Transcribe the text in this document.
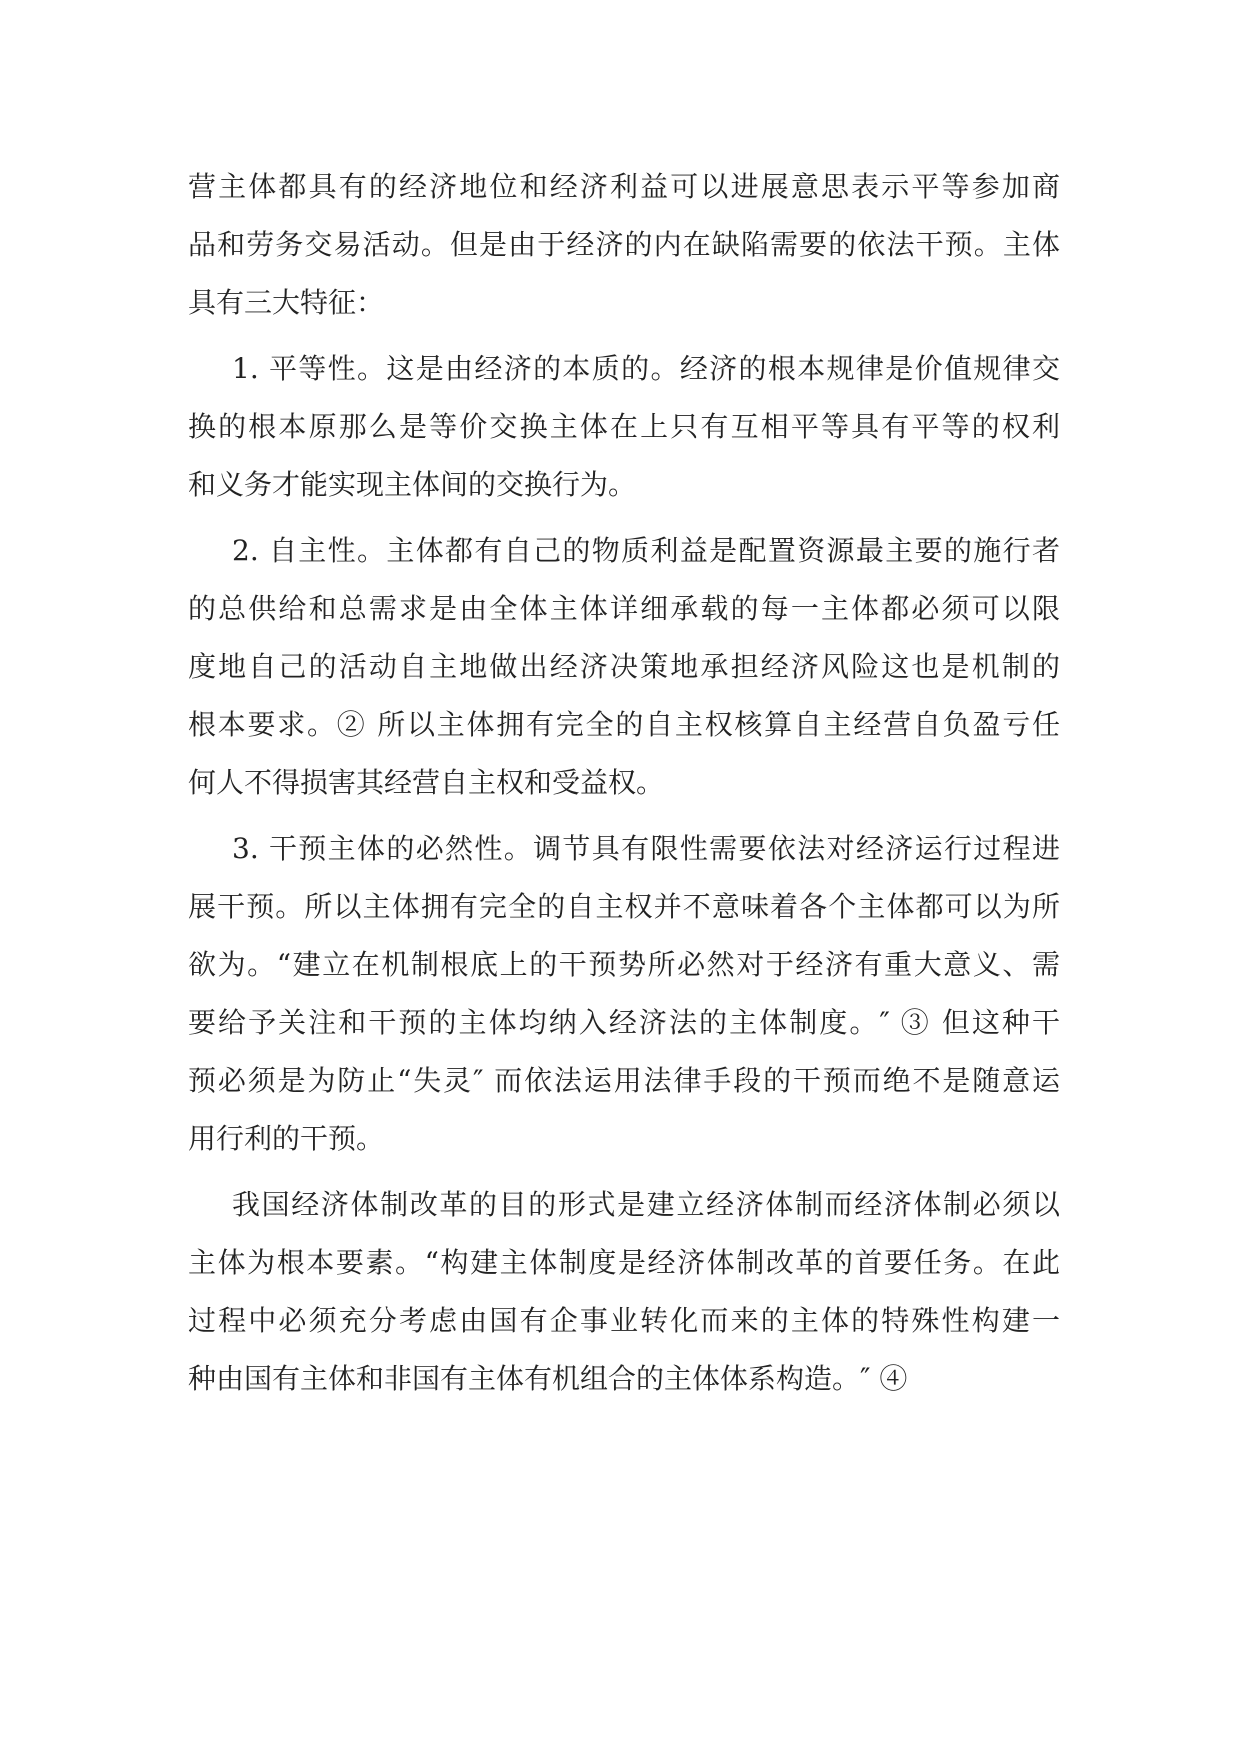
营主体都具有的经济地位和经济利益可以进展意思表示平等参加商
品和劳务交易活动。但是由于经济的内在缺陷需要的依法干预。主体
具有三大特征：
1. 平等性。这是由经济的本质的。经济的根本规律是价值规律交
换的根本原那么是等价交换主体在上只有互相平等具有平等的权利
和义务才能实现主体间的交换行为。
2. 自主性。主体都有自己的物质利益是配置资源最主要的施行者
的总供给和总需求是由全体主体详细承载的每一主体都必须可以限
度地自己的活动自主地做出经济决策地承担经济风险这也是机制的
根本要求。② 所以主体拥有完全的自主权核算自主经营自负盈亏任
何人不得损害其经营自主权和受益权。
3. 干预主体的必然性。调节具有限性需要依法对经济运行过程进
展干预。所以主体拥有完全的自主权并不意味着各个主体都可以为所
欲为。“建立在机制根底上的干预势所必然对于经济有重大意义、需
要给予关注和干预的主体均纳入经济法的主体制度。″ ③ 但这种干
预必须是为防止“失灵″ 而依法运用法律手段的干预而绝不是随意运
用行利的干预。
我国经济体制改革的目的形式是建立经济体制而经济体制必须以
主体为根本要素。“构建主体制度是经济体制改革的首要任务。在此
过程中必须充分考虑由国有企事业转化而来的主体的特殊性构建一
种由国有主体和非国有主体有机组合的主体体系构造。″ ④
